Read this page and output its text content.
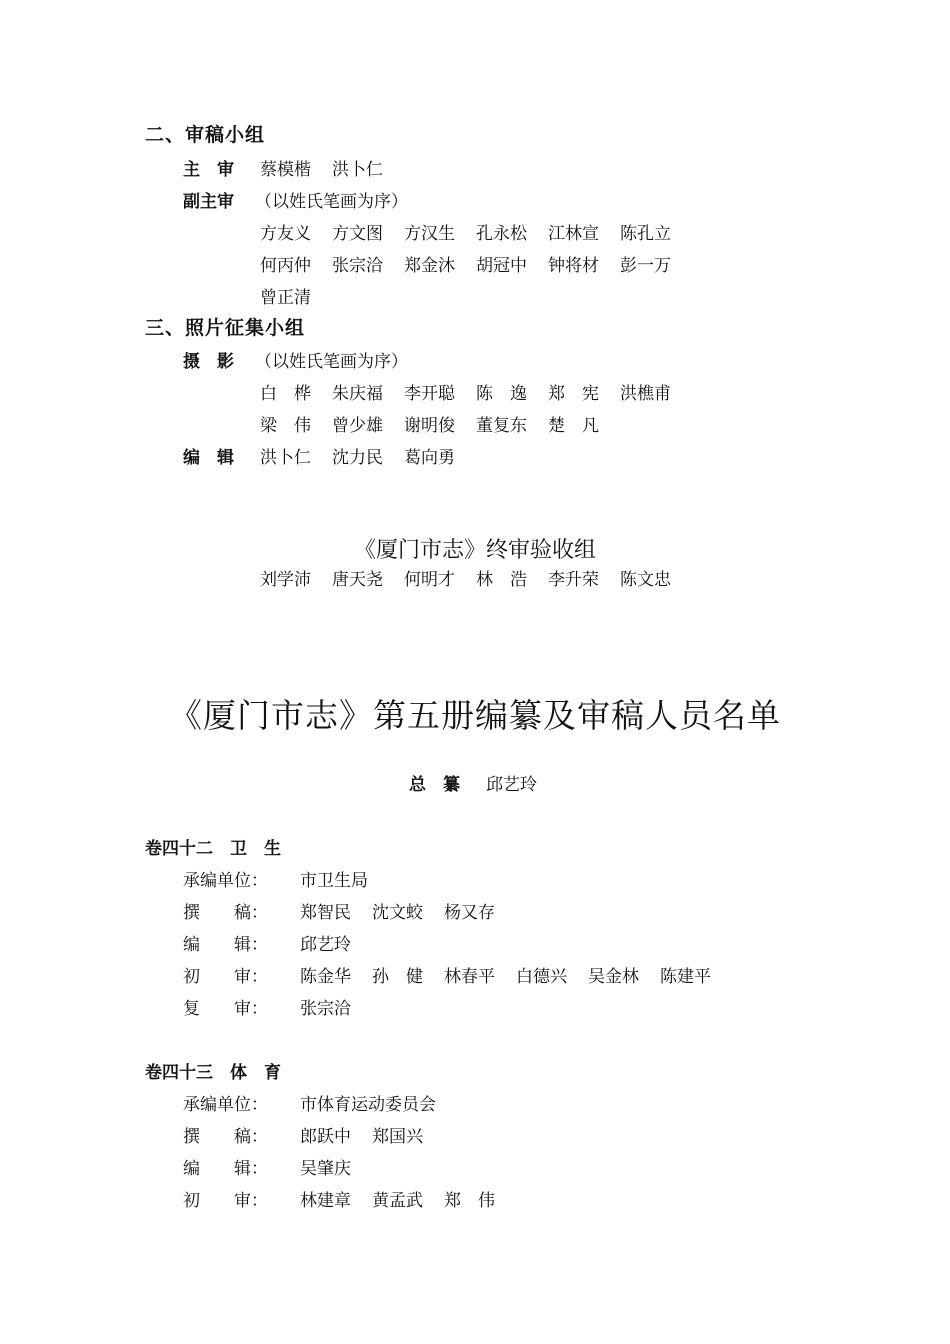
二、审稿小组
主　审 蔡模楷 洪卜仁
副主审 （以姓氏笔画为序）
方友义 方文图 方汉生 孔永松 江林宣 陈孔立
何丙仲 张宗洽 郑金沐 胡冠中 钟将材 彭一万
曾正清
三、照片征集小组
摄　影 （以姓氏笔画为序）
白　桦 朱庆福 李开聪 陈　逸 郑　宪 洪樵甫
梁　伟 曾少雄 谢明俊 董复东 楚　凡
编　辑 洪卜仁 沈力民 葛向勇
《厦门市志》终审验收组
刘学沛 唐天尧 何明才 林　浩 李升荣 陈文忠
《厦门市志》第五册编纂及审稿人员名单
总　纂 邱艺玲
卷四十二　卫　生
承编单位： 市卫生局
撰　　稿： 郑智民 沈文蛟 杨又存
编　　辑： 邱艺玲
初　　审： 陈金华 孙　健 林春平 白德兴 吴金林 陈建平
复　　审： 张宗洽
卷四十三　体　育
承编单位： 市体育运动委员会
撰　　稿： 郎跃中 郑国兴
编　　辑： 吴肇庆
初　　审： 林建章 黄孟武 郑　伟
